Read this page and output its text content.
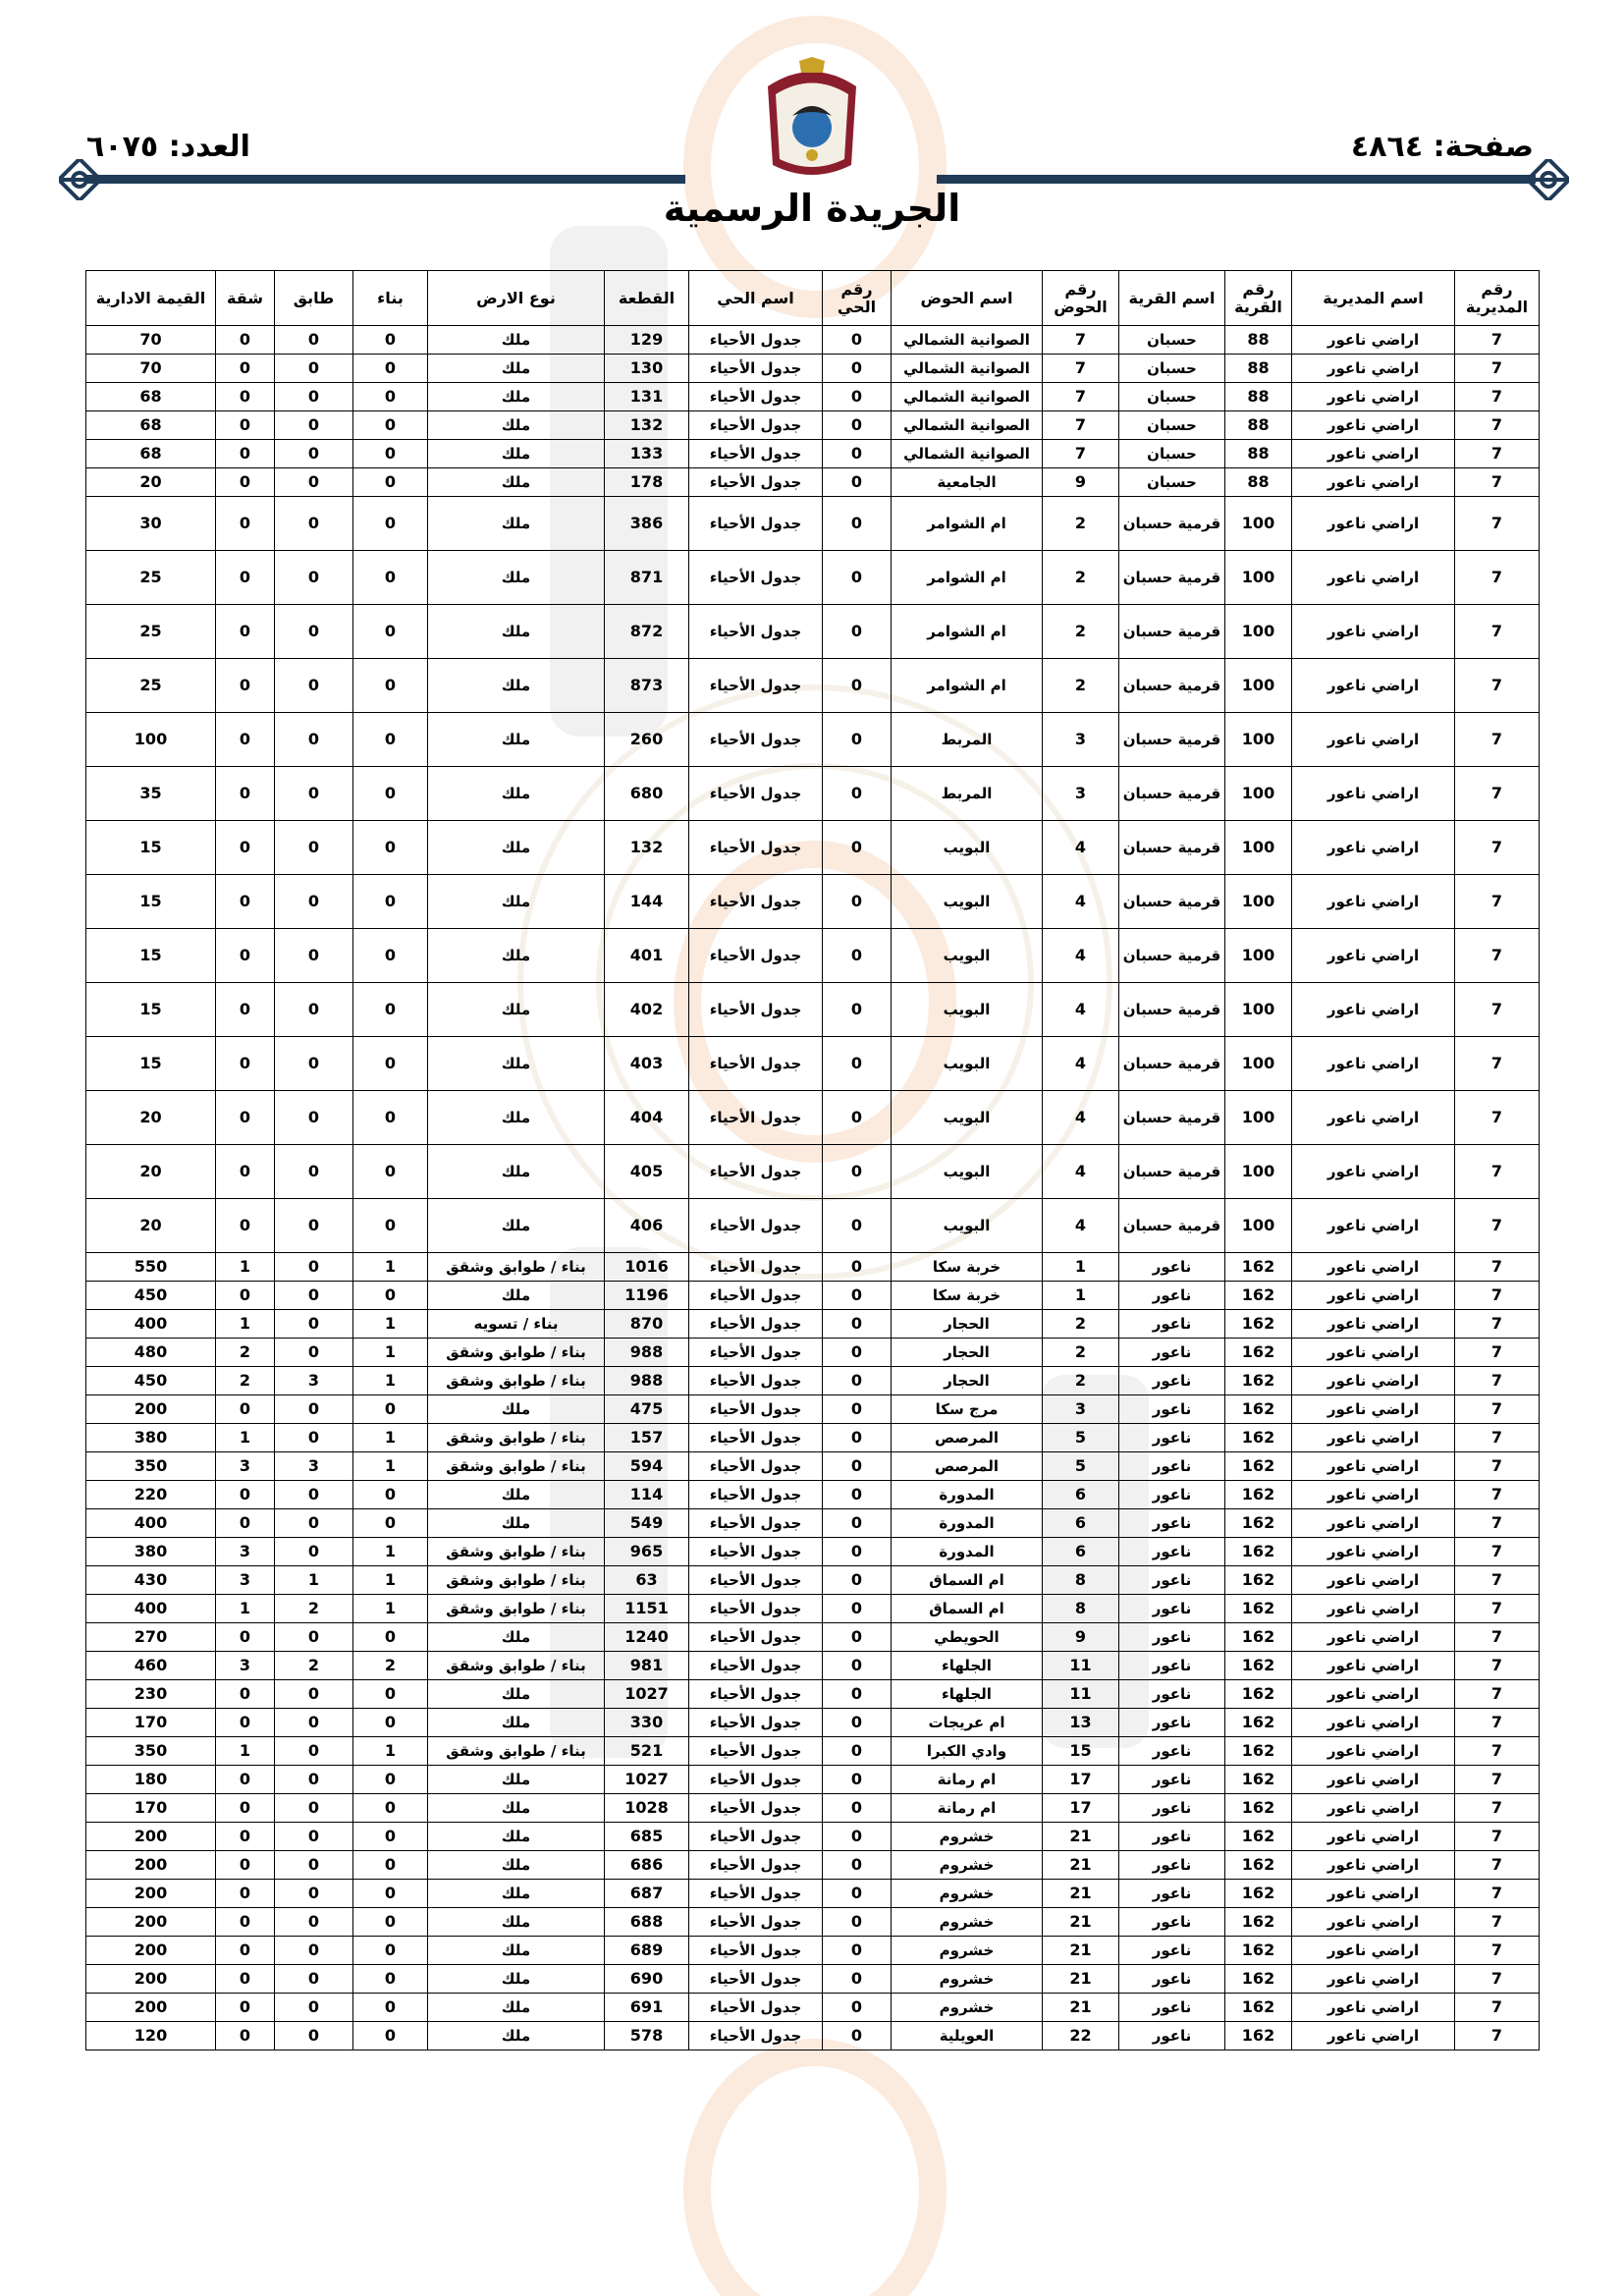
صفحة: ٤٨٦٤
العدد: ٦٠٧٥
الجريدة الرسمية
رقم المديرية	اسم المديرية	رقم القرية	اسم القرية	رقم الحوض	اسم الحوض	رقم الحي	اسم الحي	القطعة	نوع الارض	بناء	طابق	شقة	القيمة الادارية
7	اراضي ناعور	88	حسبان	7	الصوانية الشمالي	0	جدول الأحياء	129	ملك	0	0	0	70
7	اراضي ناعور	88	حسبان	7	الصوانية الشمالي	0	جدول الأحياء	130	ملك	0	0	0	70
7	اراضي ناعور	88	حسبان	7	الصوانية الشمالي	0	جدول الأحياء	131	ملك	0	0	0	68
7	اراضي ناعور	88	حسبان	7	الصوانية الشمالي	0	جدول الأحياء	132	ملك	0	0	0	68
7	اراضي ناعور	88	حسبان	7	الصوانية الشمالي	0	جدول الأحياء	133	ملك	0	0	0	68
7	اراضي ناعور	88	حسبان	9	الجامعية	0	جدول الأحياء	178	ملك	0	0	0	20
7	اراضي ناعور	100	قرمية حسبان	2	ام الشوامر	0	جدول الأحياء	386	ملك	0	0	0	30
7	اراضي ناعور	100	قرمية حسبان	2	ام الشوامر	0	جدول الأحياء	871	ملك	0	0	0	25
7	اراضي ناعور	100	قرمية حسبان	2	ام الشوامر	0	جدول الأحياء	872	ملك	0	0	0	25
7	اراضي ناعور	100	قرمية حسبان	2	ام الشوامر	0	جدول الأحياء	873	ملك	0	0	0	25
7	اراضي ناعور	100	قرمية حسبان	3	المربط	0	جدول الأحياء	260	ملك	0	0	0	100
7	اراضي ناعور	100	قرمية حسبان	3	المربط	0	جدول الأحياء	680	ملك	0	0	0	35
7	اراضي ناعور	100	قرمية حسبان	4	البويب	0	جدول الأحياء	132	ملك	0	0	0	15
7	اراضي ناعور	100	قرمية حسبان	4	البويب	0	جدول الأحياء	144	ملك	0	0	0	15
7	اراضي ناعور	100	قرمية حسبان	4	البويب	0	جدول الأحياء	401	ملك	0	0	0	15
7	اراضي ناعور	100	قرمية حسبان	4	البويب	0	جدول الأحياء	402	ملك	0	0	0	15
7	اراضي ناعور	100	قرمية حسبان	4	البويب	0	جدول الأحياء	403	ملك	0	0	0	15
7	اراضي ناعور	100	قرمية حسبان	4	البويب	0	جدول الأحياء	404	ملك	0	0	0	20
7	اراضي ناعور	100	قرمية حسبان	4	البويب	0	جدول الأحياء	405	ملك	0	0	0	20
7	اراضي ناعور	100	قرمية حسبان	4	البويب	0	جدول الأحياء	406	ملك	0	0	0	20
7	اراضي ناعور	162	ناعور	1	خربة سكا	0	جدول الأحياء	1016	بناء / طوابق وشقق	1	0	1	550
7	اراضي ناعور	162	ناعور	1	خربة سكا	0	جدول الأحياء	1196	ملك	0	0	0	450
7	اراضي ناعور	162	ناعور	2	الحجار	0	جدول الأحياء	870	بناء / تسويه	1	0	1	400
7	اراضي ناعور	162	ناعور	2	الحجار	0	جدول الأحياء	988	بناء / طوابق وشقق	1	0	2	480
7	اراضي ناعور	162	ناعور	2	الحجار	0	جدول الأحياء	988	بناء / طوابق وشقق	1	3	2	450
7	اراضي ناعور	162	ناعور	3	مرج سكا	0	جدول الأحياء	475	ملك	0	0	0	200
7	اراضي ناعور	162	ناعور	5	المرصص	0	جدول الأحياء	157	بناء / طوابق وشقق	1	0	1	380
7	اراضي ناعور	162	ناعور	5	المرصص	0	جدول الأحياء	594	بناء / طوابق وشقق	1	3	3	350
7	اراضي ناعور	162	ناعور	6	المدورة	0	جدول الأحياء	114	ملك	0	0	0	220
7	اراضي ناعور	162	ناعور	6	المدورة	0	جدول الأحياء	549	ملك	0	0	0	400
7	اراضي ناعور	162	ناعور	6	المدورة	0	جدول الأحياء	965	بناء / طوابق وشقق	1	0	3	380
7	اراضي ناعور	162	ناعور	8	ام السماق	0	جدول الأحياء	63	بناء / طوابق وشقق	1	1	3	430
7	اراضي ناعور	162	ناعور	8	ام السماق	0	جدول الأحياء	1151	بناء / طوابق وشقق	1	2	1	400
7	اراضي ناعور	162	ناعور	9	الحويطي	0	جدول الأحياء	1240	ملك	0	0	0	270
7	اراضي ناعور	162	ناعور	11	الجلهاء	0	جدول الأحياء	981	بناء / طوابق وشقق	2	2	3	460
7	اراضي ناعور	162	ناعور	11	الجلهاء	0	جدول الأحياء	1027	ملك	0	0	0	230
7	اراضي ناعور	162	ناعور	13	ام عريجات	0	جدول الأحياء	330	ملك	0	0	0	170
7	اراضي ناعور	162	ناعور	15	وادي الكبرا	0	جدول الأحياء	521	بناء / طوابق وشقق	1	0	1	350
7	اراضي ناعور	162	ناعور	17	ام رمانة	0	جدول الأحياء	1027	ملك	0	0	0	180
7	اراضي ناعور	162	ناعور	17	ام رمانة	0	جدول الأحياء	1028	ملك	0	0	0	170
7	اراضي ناعور	162	ناعور	21	خشروم	0	جدول الأحياء	685	ملك	0	0	0	200
7	اراضي ناعور	162	ناعور	21	خشروم	0	جدول الأحياء	686	ملك	0	0	0	200
7	اراضي ناعور	162	ناعور	21	خشروم	0	جدول الأحياء	687	ملك	0	0	0	200
7	اراضي ناعور	162	ناعور	21	خشروم	0	جدول الأحياء	688	ملك	0	0	0	200
7	اراضي ناعور	162	ناعور	21	خشروم	0	جدول الأحياء	689	ملك	0	0	0	200
7	اراضي ناعور	162	ناعور	21	خشروم	0	جدول الأحياء	690	ملك	0	0	0	200
7	اراضي ناعور	162	ناعور	21	خشروم	0	جدول الأحياء	691	ملك	0	0	0	200
7	اراضي ناعور	162	ناعور	22	العويلية	0	جدول الأحياء	578	ملك	0	0	0	120
